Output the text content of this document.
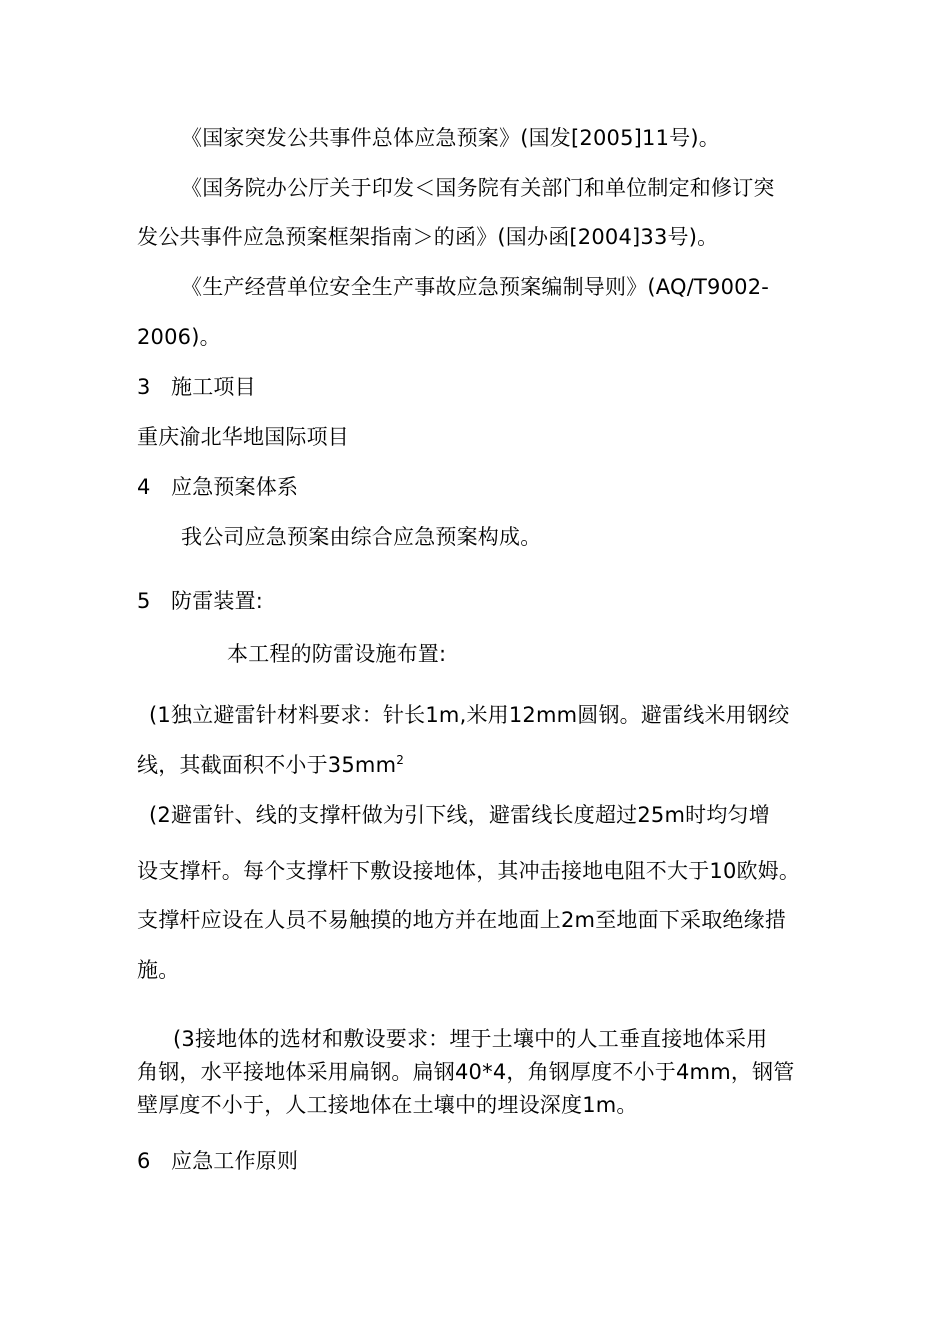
《国家突发公共事件总体应急预案》(国发[2005]11号)。
《国务院办公厅关于印发＜国务院有关部门和单位制定和修订突
发公共事件应急预案框架指南＞的函》(国办函[2004]33号)。
《生产经营单位安全生产事故应急预案编制导则》(AQ/T9002-
2006)。
3 施工项目
重庆渝北华地国际项目
4 应急预案体系
我公司应急预案由综合应急预案构成。
5 防雷装置:
本工程的防雷设施布置:
(1独立避雷针材料要求：针长1m,米用12mm圆钢。避雷线米用钢绞
线，其截面积不小于$35mm^2$
(2避雷针、线的支撑杆做为引下线，避雷线长度超过25m时均匀增
设支撑杆。每个支撑杆下敷设接地体，其冲击接地电阻不大于10欧姆。
支撑杆应设在人员不易触摸的地方并在地面上2m至地面下采取绝缘措
施。
(3接地体的选材和敷设要求：埋于土壤中的人工垂直接地体采用
角钢，水平接地体采用扁钢。扁钢40*4，角钢厚度不小于4mm，钢管
壁厚度不小于，人工接地体在土壤中的埋设深度1m。
6 应急工作原则
